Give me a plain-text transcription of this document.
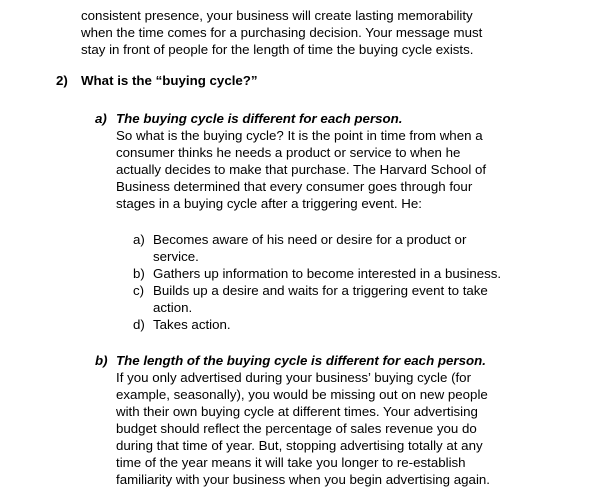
consistent presence, your business will create lasting memorability
when the time comes for a purchasing decision. Your message must
stay in front of people for the length of time the buying cycle exists.
2) What is the “buying cycle?”
a) The buying cycle is different for each person.
So what is the buying cycle? It is the point in time from when a
consumer thinks he needs a product or service to when he
actually decides to make that purchase. The Harvard School of
Business determined that every consumer goes through four
stages in a buying cycle after a triggering event. He:
a) Becomes aware of his need or desire for a product or
service.
b) Gathers up information to become interested in a business.
c) Builds up a desire and waits for a triggering event to take
action.
d) Takes action.
b) The length of the buying cycle is different for each person.
If you only advertised during your business’ buying cycle (for
example, seasonally), you would be missing out on new people
with their own buying cycle at different times. Your advertising
budget should reflect the percentage of sales revenue you do
during that time of year. But, stopping advertising totally at any
time of the year means it will take you longer to re-establish
familiarity with your business when you begin advertising again.
